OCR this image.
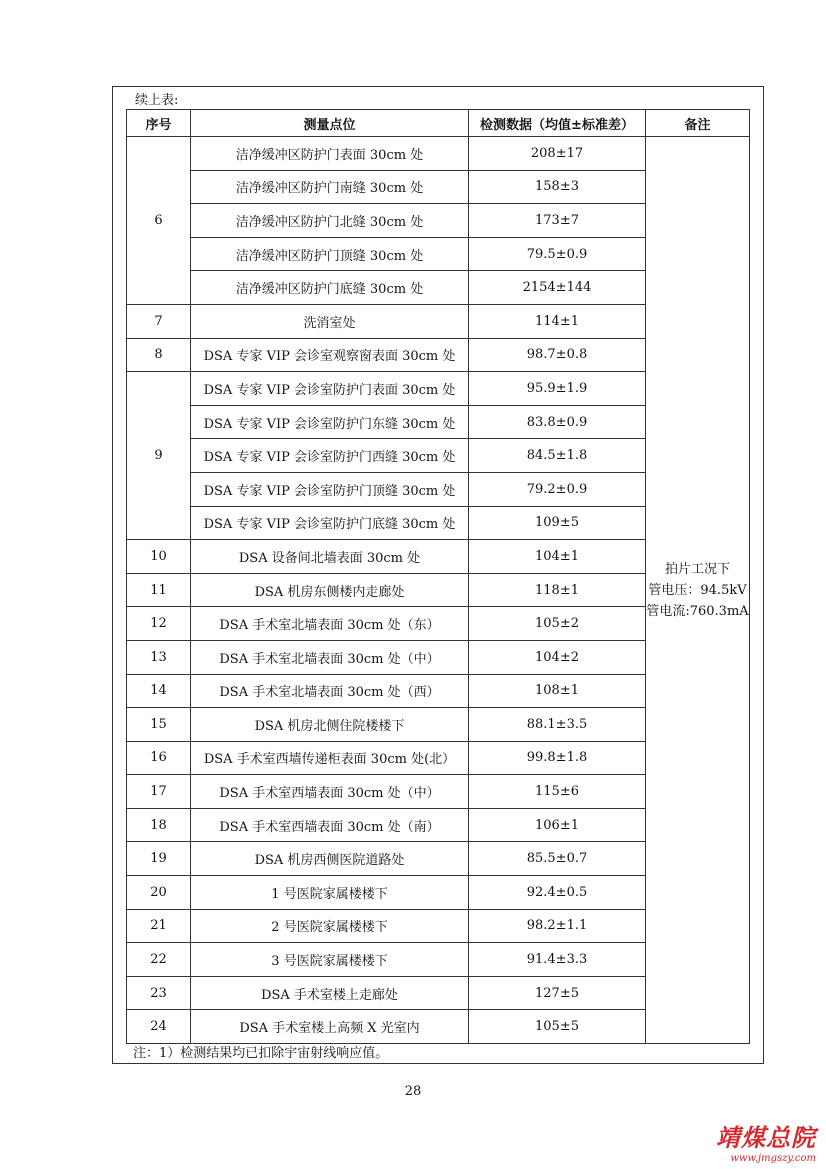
续上表:
序号	测量点位	检测数据（均值±标准差）	备注
6	洁净缓冲区防护门表面 30cm 处	208±17	拍片工况下
管电压：94.5kV
管电流:760.3mA

	洁净缓冲区防护门南缝 30cm 处	158±3	
	洁净缓冲区防护门北缝 30cm 处	173±7	
	洁净缓冲区防护门顶缝 30cm 处	79.5±0.9	
	洁净缓冲区防护门底缝 30cm 处	2154±144	
7	洗消室处	114±1	
8	DSA 专家 VIP 会诊室观察窗表面 30cm 处	98.7±0.8	
9	DSA 专家 VIP 会诊室防护门表面 30cm 处	95.9±1.9	
	DSA 专家 VIP 会诊室防护门东缝 30cm 处	83.8±0.9	
	DSA 专家 VIP 会诊室防护门西缝 30cm 处	84.5±1.8	
	DSA 专家 VIP 会诊室防护门顶缝 30cm 处	79.2±0.9	
	DSA 专家 VIP 会诊室防护门底缝 30cm 处	109±5	
10	DSA 设备间北墙表面 30cm 处	104±1	
11	DSA 机房东侧楼内走廊处	118±1	
12	DSA 手术室北墙表面 30cm 处（东）	105±2	
13	DSA 手术室北墙表面 30cm 处（中）	104±2	
14	DSA 手术室北墙表面 30cm 处（西）	108±1	
15	DSA 机房北侧住院楼楼下	88.1±3.5	
16	DSA 手术室西墙传递柜表面 30cm 处(北）	99.8±1.8	
17	DSA 手术室西墙表面 30cm 处（中）	115±6	
18	DSA 手术室西墙表面 30cm 处（南）	106±1	
19	DSA 机房西侧医院道路处	85.5±0.7	
20	1 号医院家属楼楼下	92.4±0.5	
21	2 号医院家属楼楼下	98.2±1.1	
22	3 号医院家属楼楼下	91.4±3.3	
23	DSA 手术室楼上走廊处	127±5	
24	DSA 手术室楼上高频 X 光室内	105±5	
注：1）检测结果均已扣除宇宙射线响应值。
28
靖煤总院
www.jmgszy.com
